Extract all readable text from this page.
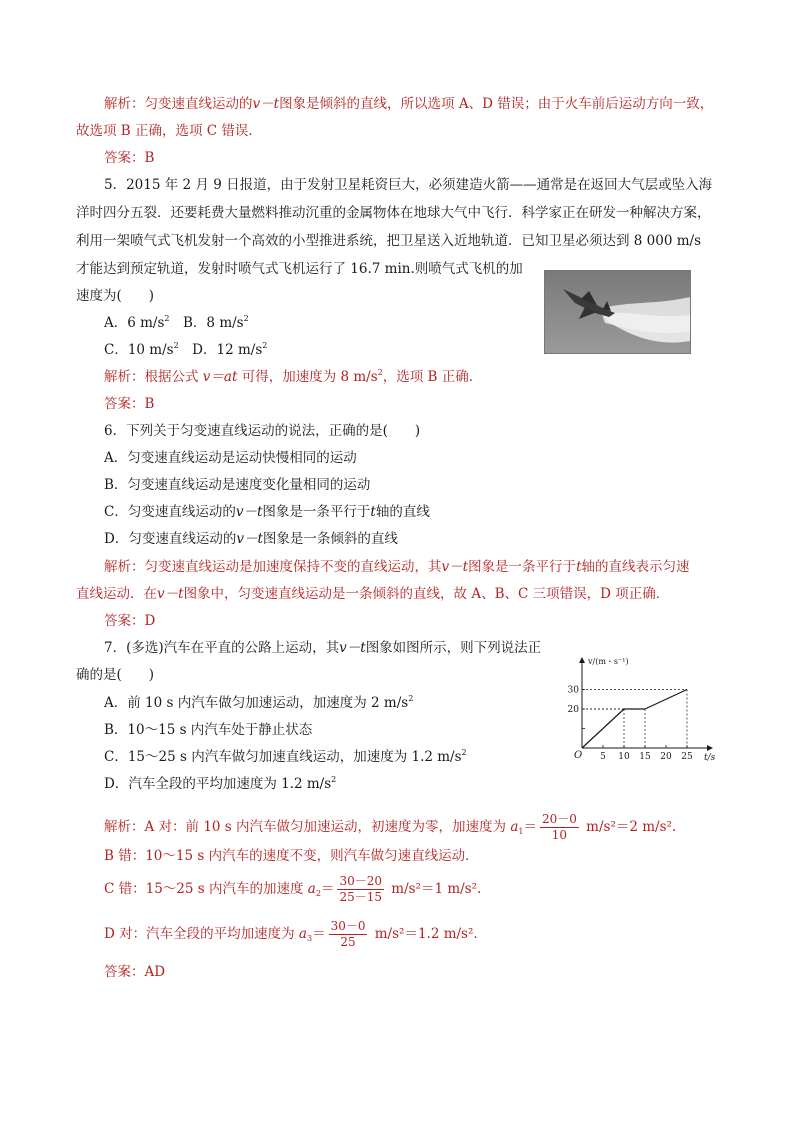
解析：匀变速直线运动的v－t图象是倾斜的直线，所以选项 A、D 错误；由于火车前后运动方向一致，
故选项 B 正确，选项 C 错误．
答案：B
5．2015 年 2 月 9 日报道，由于发射卫星耗资巨大，必须建造火箭——通常是在返回大气层或坠入海
洋时四分五裂．还要耗费大量燃料推动沉重的金属物体在地球大气中飞行．科学家正在研发一种解决方案，
利用一架喷气式飞机发射一个高效的小型推进系统，把卫星送入近地轨道．已知卫星必须达到 8 000 m/s
才能达到预定轨道，发射时喷气式飞机运行了 16.7 min.则喷气式飞机的加
速度为(　　)
A．6 $m/s^2$　B．8 $m/s^2$
C．10 $m/s^2$　D．12 $m/s^2$
解析：根据公式 v＝at 可得，加速度为 8 $m/s^2$，选项 B 正确．
答案：B
6．下列关于匀变速直线运动的说法，正确的是(　　)
A．匀变速直线运动是运动快慢相同的运动
B．匀变速直线运动是速度变化量相同的运动
C．匀变速直线运动的v－t图象是一条平行于t轴的直线
D．匀变速直线运动的v－t图象是一条倾斜的直线
解析：匀变速直线运动是加速度保持不变的直线运动，其v－t图象是一条平行于t轴的直线表示匀速
直线运动．在v－t图象中，匀变速直线运动是一条倾斜的直线，故 A、B、C 三项错误，D 项正确．
答案：D
7．(多选)汽车在平直的公路上运动，其v－t图象如图所示，则下列说法正
确的是(　　)
5 10 15 20 25
20
30
v/(m・s⁻¹)
t/s
O
A．前 10 s 内汽车做匀加速运动，加速度为 2 $m/s^2$
B．10～15 s 内汽车处于静止状态
C．15～25 s 内汽车做匀加速直线运动，加速度为 1.2 $m/s^2$
D．汽车全段的平均加速度为 1.2 $m/s^2$
解析：A 对：前 10 s 内汽车做匀加速运动，初速度为零，加速度为 $a_1= \frac{20-0}{10} m/s^2=2$ m/s².
B 错：10～15 s 内汽车的速度不变，则汽车做匀速直线运动．
C 错：15～25 s 内汽车的加速度 $a_2= \frac{30-20}{25-15} m/s^2=1$ m/s².
D 对：汽车全段的平均加速度为 $a_3= \frac{30-0}{25} m/s^2=1.2$ m/s².
答案：AD
